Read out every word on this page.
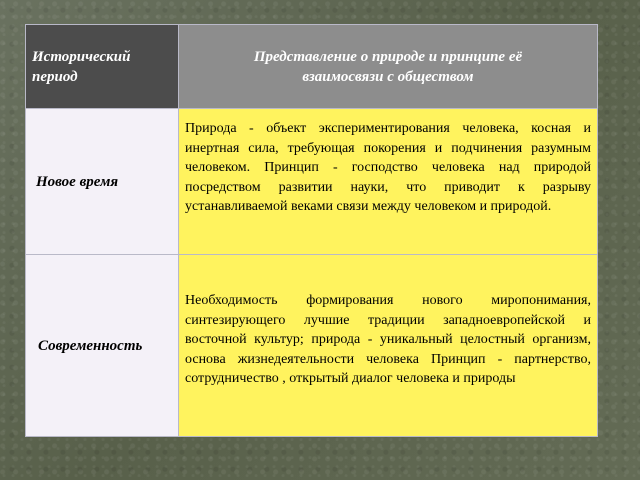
Исторический период	Представление о природе и принципе её взаимосвязи с обществом

Новое время	Природа - объект экспериментирования человека, косная и инертная сила, требующая покорения и подчинения разумным человеком. Принцип - господство человека над природой посредством развитии науки, что приводит к разрыву устанавливаемой веками связи между человеком и природой.

Современность	Необходимость формирования нового миропонимания, синтезирующего лучшие традиции западноевропейской и восточной культур; природа - уникальный целостный организм, основа жизнедеятельности человека Принцип - партнерство, сотрудничество , открытый диалог человека и природы
